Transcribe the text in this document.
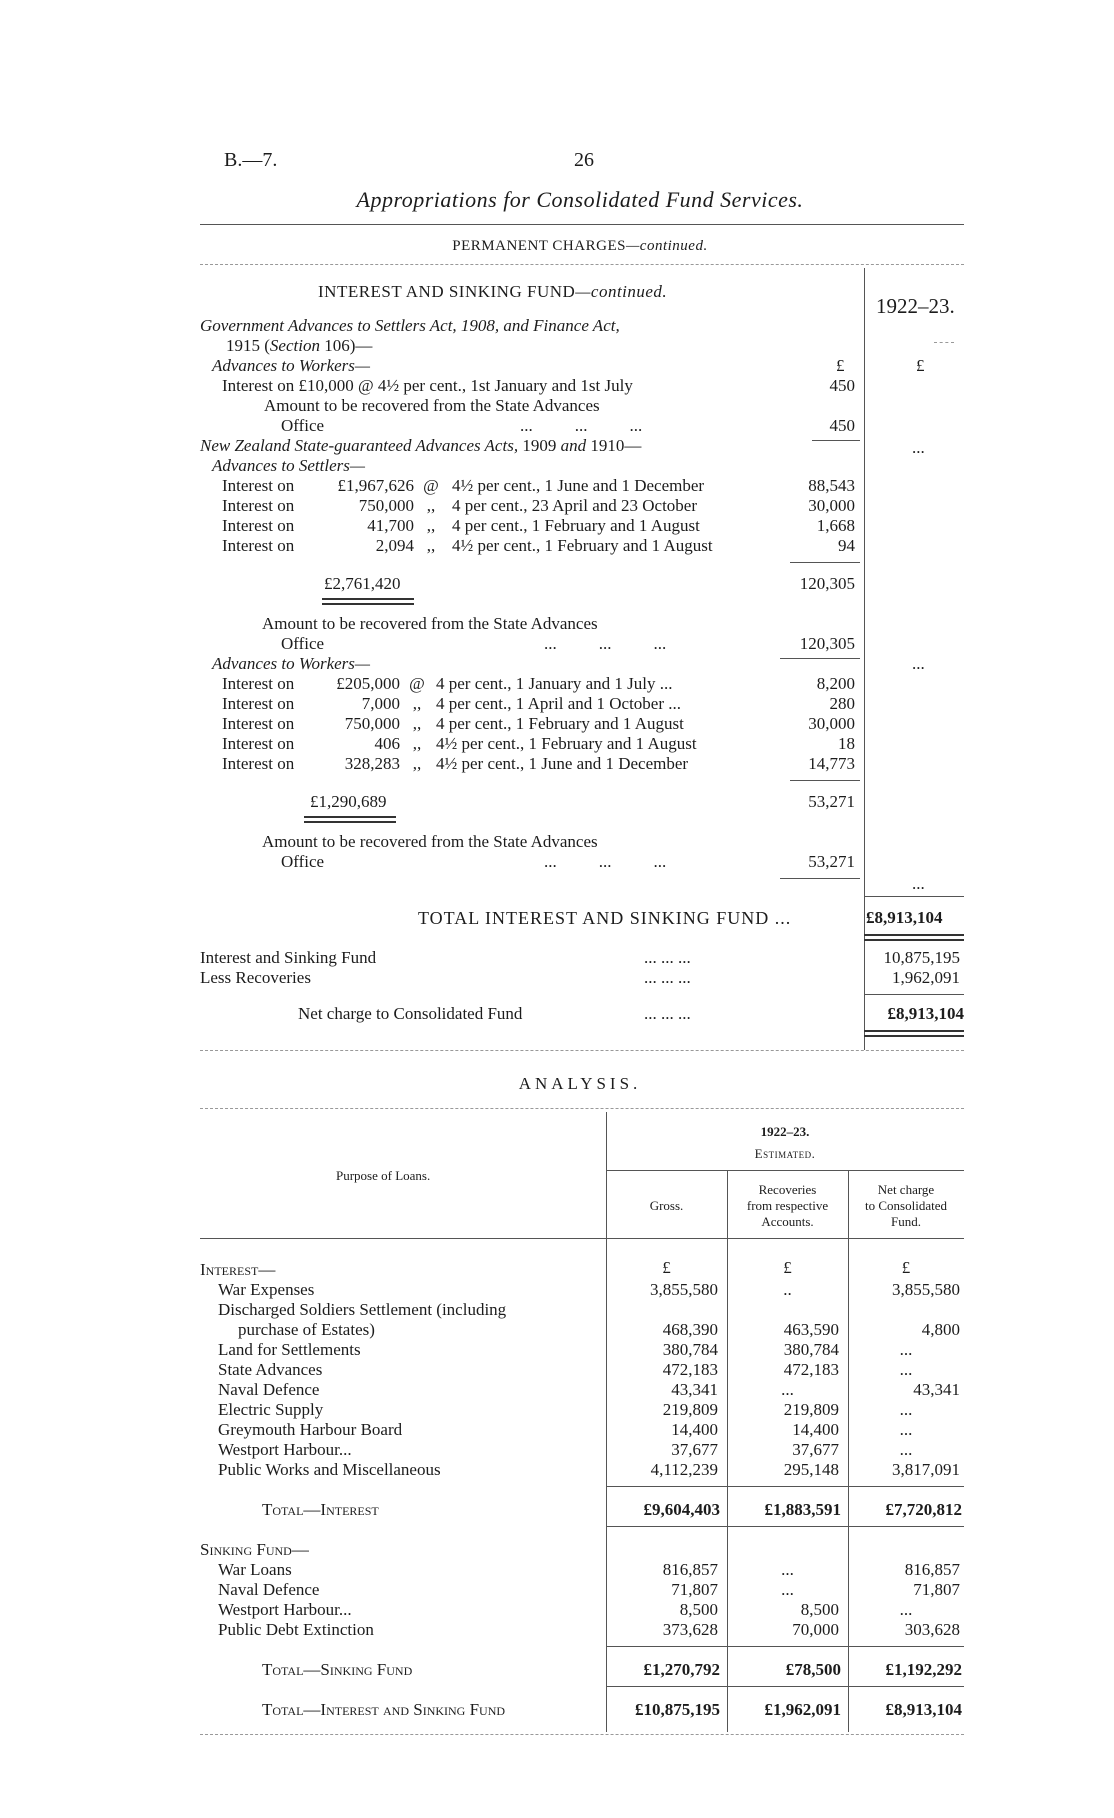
B.—7.	26
Appropriations for Consolidated Fund Services.
PERMANENT CHARGES—continued.
INTEREST AND SINKING FUND—continued.
1922–23.
Government Advances to Settlers Act, 1908, and Finance Act,
1915 (Section 106)—
Advances to Workers—	£	£
Interest on £10,000 @ 4½ per cent., 1st January and 1st July	450
Amount to be recovered from the State Advances
Office	... ... ...	450
...
New Zealand State-guaranteed Advances Acts, 1909 and 1910—
Advances to Settlers—
Interest on	£1,967,626 @ 4½ per cent., 1 June and 1 December	88,543
Interest on	750,000 ,, 4 per cent., 23 April and 23 October	30,000
Interest on	41,700 ,, 4 per cent., 1 February and 1 August	1,668
Interest on	2,094 ,, 4½ per cent., 1 February and 1 August	94
£2,761,420	120,305
Amount to be recovered from the State Advances
Office	... ... ...	120,305
Advances to Workers—	...
Interest on	£205,000 @ 4 per cent., 1 January and 1 July ...	8,200
Interest on	7,000 ,, 4 per cent., 1 April and 1 October ...	280
Interest on	750,000 ,, 4 per cent., 1 February and 1 August	30,000
Interest on	406 ,, 4½ per cent., 1 February and 1 August	18
Interest on	328,283 ,, 4½ per cent., 1 June and 1 December	14,773
£1,290,689	53,271
Amount to be recovered from the State Advances
Office	... ... ...	53,271
...
TOTAL INTEREST AND SINKING FUND ...	£8,913,104
Interest and Sinking Fund	... ... ...	10,875,195
Less Recoveries	... ... ...	1,962,091
Net charge to Consolidated Fund	... ... ...	£8,913,104
ANALYSIS.
Purpose of Loans.
1922–23.
Estimated.
Gross.
Recoveries
from respective
Accounts.
Net charge
to Consolidated
Fund.
£	£	£
Interest—
War Expenses	3,855,580	..	3,855,580
Discharged Soldiers Settlement (including
purchase of Estates)	468,390	463,590	4,800
Land for Settlements	380,784	380,784	...
State Advances	472,183	472,183	...
Naval Defence	43,341	...	43,341
Electric Supply	219,809	219,809	...
Greymouth Harbour Board	14,400	14,400	...
Westport Harbour...	37,677	37,677	...
Public Works and Miscellaneous	4,112,239	295,148	3,817,091
Total—Interest	£9,604,403	£1,883,591	£7,720,812
Sinking Fund—
War Loans	816,857	...	816,857
Naval Defence	71,807	...	71,807
Westport Harbour...	8,500	8,500	...
Public Debt Extinction	373,628	70,000	303,628
Total—Sinking Fund	£1,270,792	£78,500	£1,192,292
Total—Interest and Sinking Fund	£10,875,195	£1,962,091	£8,913,104
